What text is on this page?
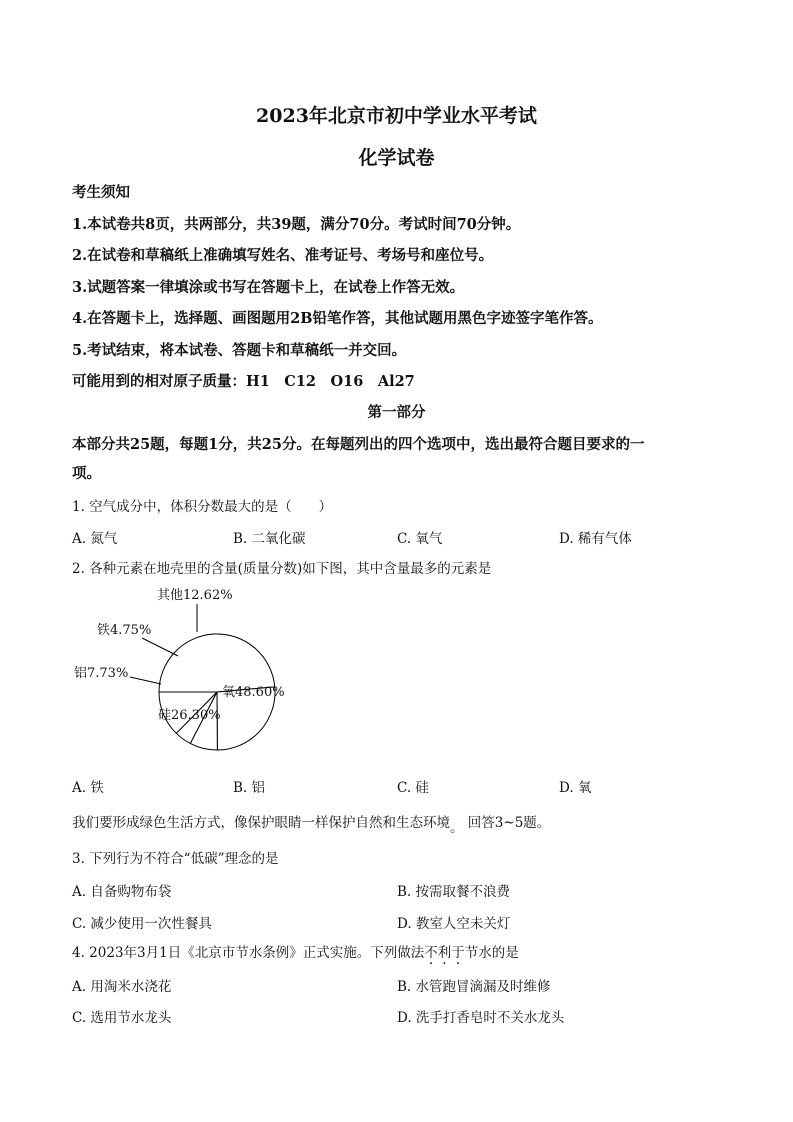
2023年北京市初中学业水平考试
化学试卷
考生须知
1.本试卷共8页，共两部分，共39题，满分70分。考试时间70分钟。
2.在试卷和草稿纸上准确填写姓名、准考证号、考场号和座位号。
3.试题答案一律填涂或书写在答题卡上，在试卷上作答无效。
4.在答题卡上，选择题、画图题用2B铅笔作答，其他试题用黑色字迹签字笔作答。
5.考试结束，将本试卷、答题卡和草稿纸一并交回。
可能用到的相对原子质量：H1　C12　O16　Al27
第一部分
本部分共25题，每题1分，共25分。在每题列出的四个选项中，选出最符合题目要求的一
项。
1. 空气成分中，体积分数最大的是（　　）
A. 氮气	B. 二氧化碳	C. 氧气	D. 稀有气体
2. 各种元素在地壳里的含量(质量分数)如下图，其中含量最多的元素是
其他12.62%
铁4.75%
铝7.73%
氧48.60%
硅26.30%
A. 铁	B. 铝	C. 硅	D. 氧
我们要形成绿色生活方式，像保护眼睛一样保护自然和生态环境。 回答3~5题。
3. 下列行为不符合“低碳”理念的是
A. 自备购物布袋	B. 按需取餐不浪费
C. 减少使用一次性餐具	D. 教室人空未关灯
4. 2023年3月1日《北京市节水条例》正式实施。下列做法不利于节水的是
A. 用淘米水浇花	B. 水管跑冒滴漏及时维修
C. 选用节水龙头	D. 洗手打香皂时不关水龙头
